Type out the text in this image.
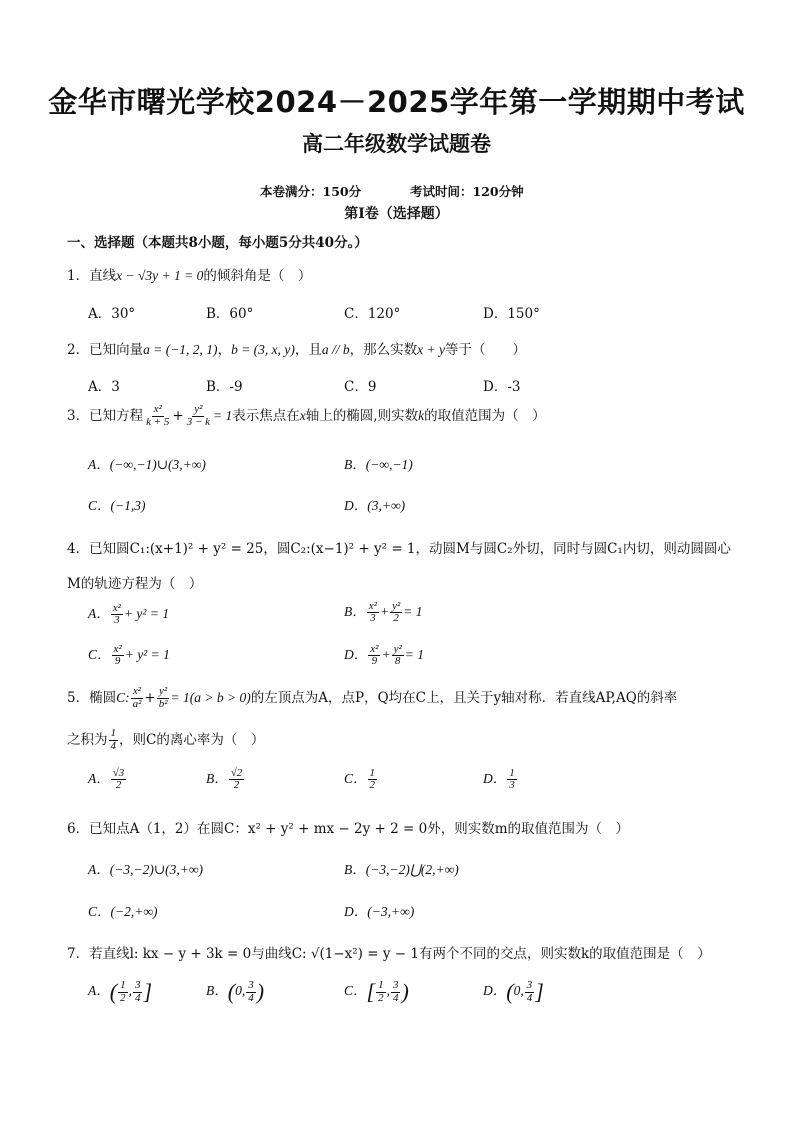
金华市曙光学校2024－2025学年第一学期期中考试
高二年级数学试题卷
本卷满分：150分	考试时间：120分钟
第Ⅰ卷（选择题）
一、选择题（本题共8小题，每小题5分共40分。）
1．直线x − √3y + 1 = 0的倾斜角是（　）
A．30°	B．60°	C．120°	D．150°
2．已知向量a = (−1, 2, 1)，b = (3, x, y)，且a // b，那么实数x + y等于（　　）
A．3	B．-9	C．9	D．-3
3．已知方程 $\frac{\text{x²}}{k + 5} + \frac{\text{y²}}{3 - k} = 1$表示焦点在x轴上的椭圆,则实数k的取值范围为（　）
A．(−∞,−1)∪(3,+∞)	B．(−∞,−1)
C．(−1,3)	D．(3,+∞)
4．已知圆C₁:(x+1)² + y² = 25，圆C₂:(x−1)² + y² = 1，动圆M与圆C₂外切，同时与圆C₁内切，则动圆圆心
M的轨迹方程为（　）
A． $\frac{\text{x²}}{3} + y^2 = 1$	B． $\frac{\text{x²}}{3} + \frac{\text{y²}}{2} = 1$
C． $\frac{\text{x²}}{9} + y^2 = 1$	D． $\frac{\text{x²}}{9} + \frac{\text{y²}}{8} = 1$
5．椭圆C: $\frac{\text{x²}}{\text{a²}} + \frac{\text{y²}}{\text{b²}} = 1(a > b > 0)$的左顶点为A，点P，Q均在C上，且关于y轴对称．若直线AP,AQ的斜率
之积为 $\frac{1}{4}$ ，则C的离心率为（　）
A． $\frac{√3}{2}$	B． $\frac{√2}{2}$	C． $\frac{1}{2}$	D． $\frac{1}{3}$
6．已知点A（1，2）在圆C：x² + y² + mx − 2y + 2 = 0外，则实数m的取值范围为（　）
A．(−3,−2)∪(3,+∞)	B．(−3,−2)⋃(2,+∞)
C．(−2,+∞)	D．(−3,+∞)
7．若直线l: kx − y + 3k = 0与曲线C: √(1−x²) = y − 1有两个不同的交点，则实数k的取值范围是（　）
A．( $\frac{1}{2}$ , $\frac{3}{4}$ ]	B．(0, $\frac{3}{4}$ )	C．[ $\frac{1}{2}$ , $\frac{3}{4}$ )	D．(0, $\frac{3}{4}$ ]
